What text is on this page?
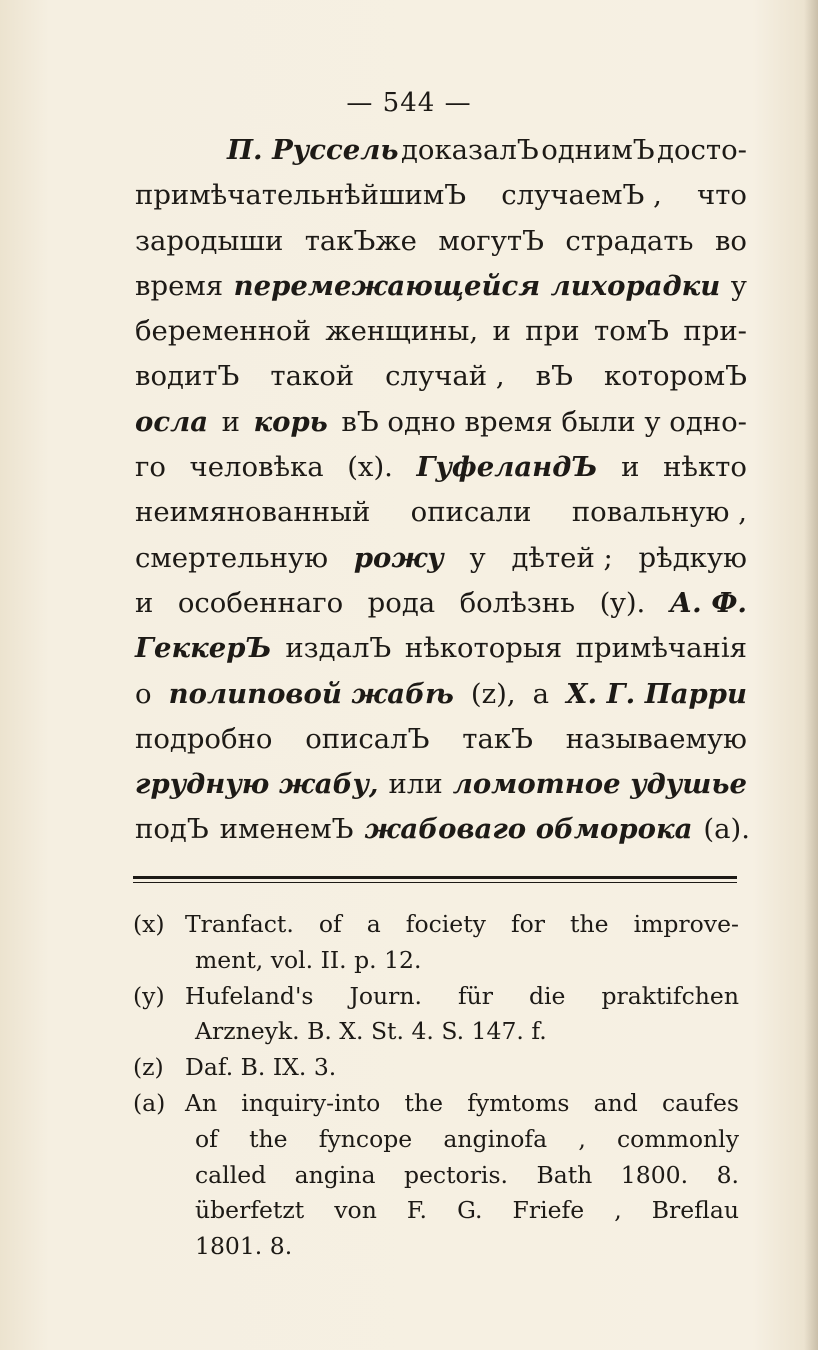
— 544 —
П. Руссель доказалЪ однимЪ досто-
примѣчательнѣйшимЪ случаемЪ , что
зародыши такЪже могутЪ страдать во
время перемежающейся лихорадки у
беременной женщины, и при томЪ при-
водитЪ такой случай , вЪ которомЪ
осла и корь вЪ одно время были у одно-
го человѣка (x). ГуфеландЪ и нѣкто
неимянованный описали повальную ,
смертельную рожу у дѣтей ; рѣдкую
и особеннаго рода болѣзнь (y). А. Ф.
ГеккерЪ издалЪ нѣкоторыя примѣчанія
о полиповой жабѣ (z), а Х. Г. Парри
подробно описалЪ такЪ называемую
грудную жабу, или ломотное удушье
подЪ именемЪ жабоваго обморока (a).
(x) Tranfact. of a fociety for the improve-
ment, vol. II. p. 12.
(y) Hufeland's Journ. für die praktifchen
Arzneyk. B. X. St. 4. S. 147. f.
(z) Daf. B. IX. 3.
(a) An inquiry-into the fymtoms and caufes
of the fyncope anginofa , commonly
called angina pectoris. Bath 1800. 8.
überfetzt von F. G. Friefe , Breflau
1801. 8.
